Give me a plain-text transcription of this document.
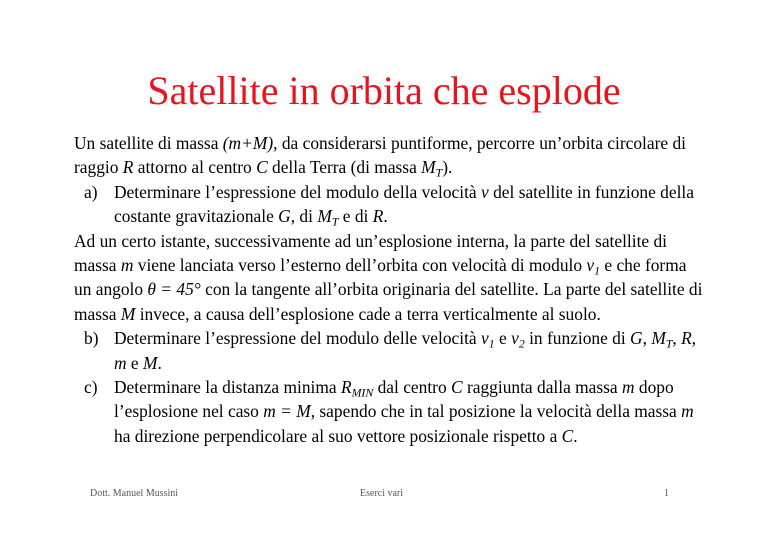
Satellite in orbita che esplode

Un satellite di massa (m+M), da considerarsi puntiforme, percorre un’orbita circolare di raggio R attorno al centro C della Terra (di massa $M_T$).

a) Determinare l’espressione del modulo della velocità v del satellite in funzione della costante gravitazionale G, di $M_T$ e di R.

Ad un certo istante, successivamente ad un’esplosione interna, la parte del satellite di massa m viene lanciata verso l’esterno dell’orbita con velocità di modulo $v_1$ e che forma un angolo θ = 45° con la tangente all’orbita originaria del satellite. La parte del satellite di massa M invece, a causa dell’esplosione cade a terra verticalmente al suolo.

b) Determinare l’espressione del modulo delle velocità $v_1$ e $v_2$ in funzione di G, $M_T$, R, m e M.
c) Determinare la distanza minima $R_{MIN}$ dal centro C raggiunta dalla massa m dopo l’esplosione nel caso m = M, sapendo che in tal posizione la velocità della massa m ha direzione perpendicolare al suo vettore posizionale rispetto a C.
Dott. Manuel Mussini	Eserci vari	1
